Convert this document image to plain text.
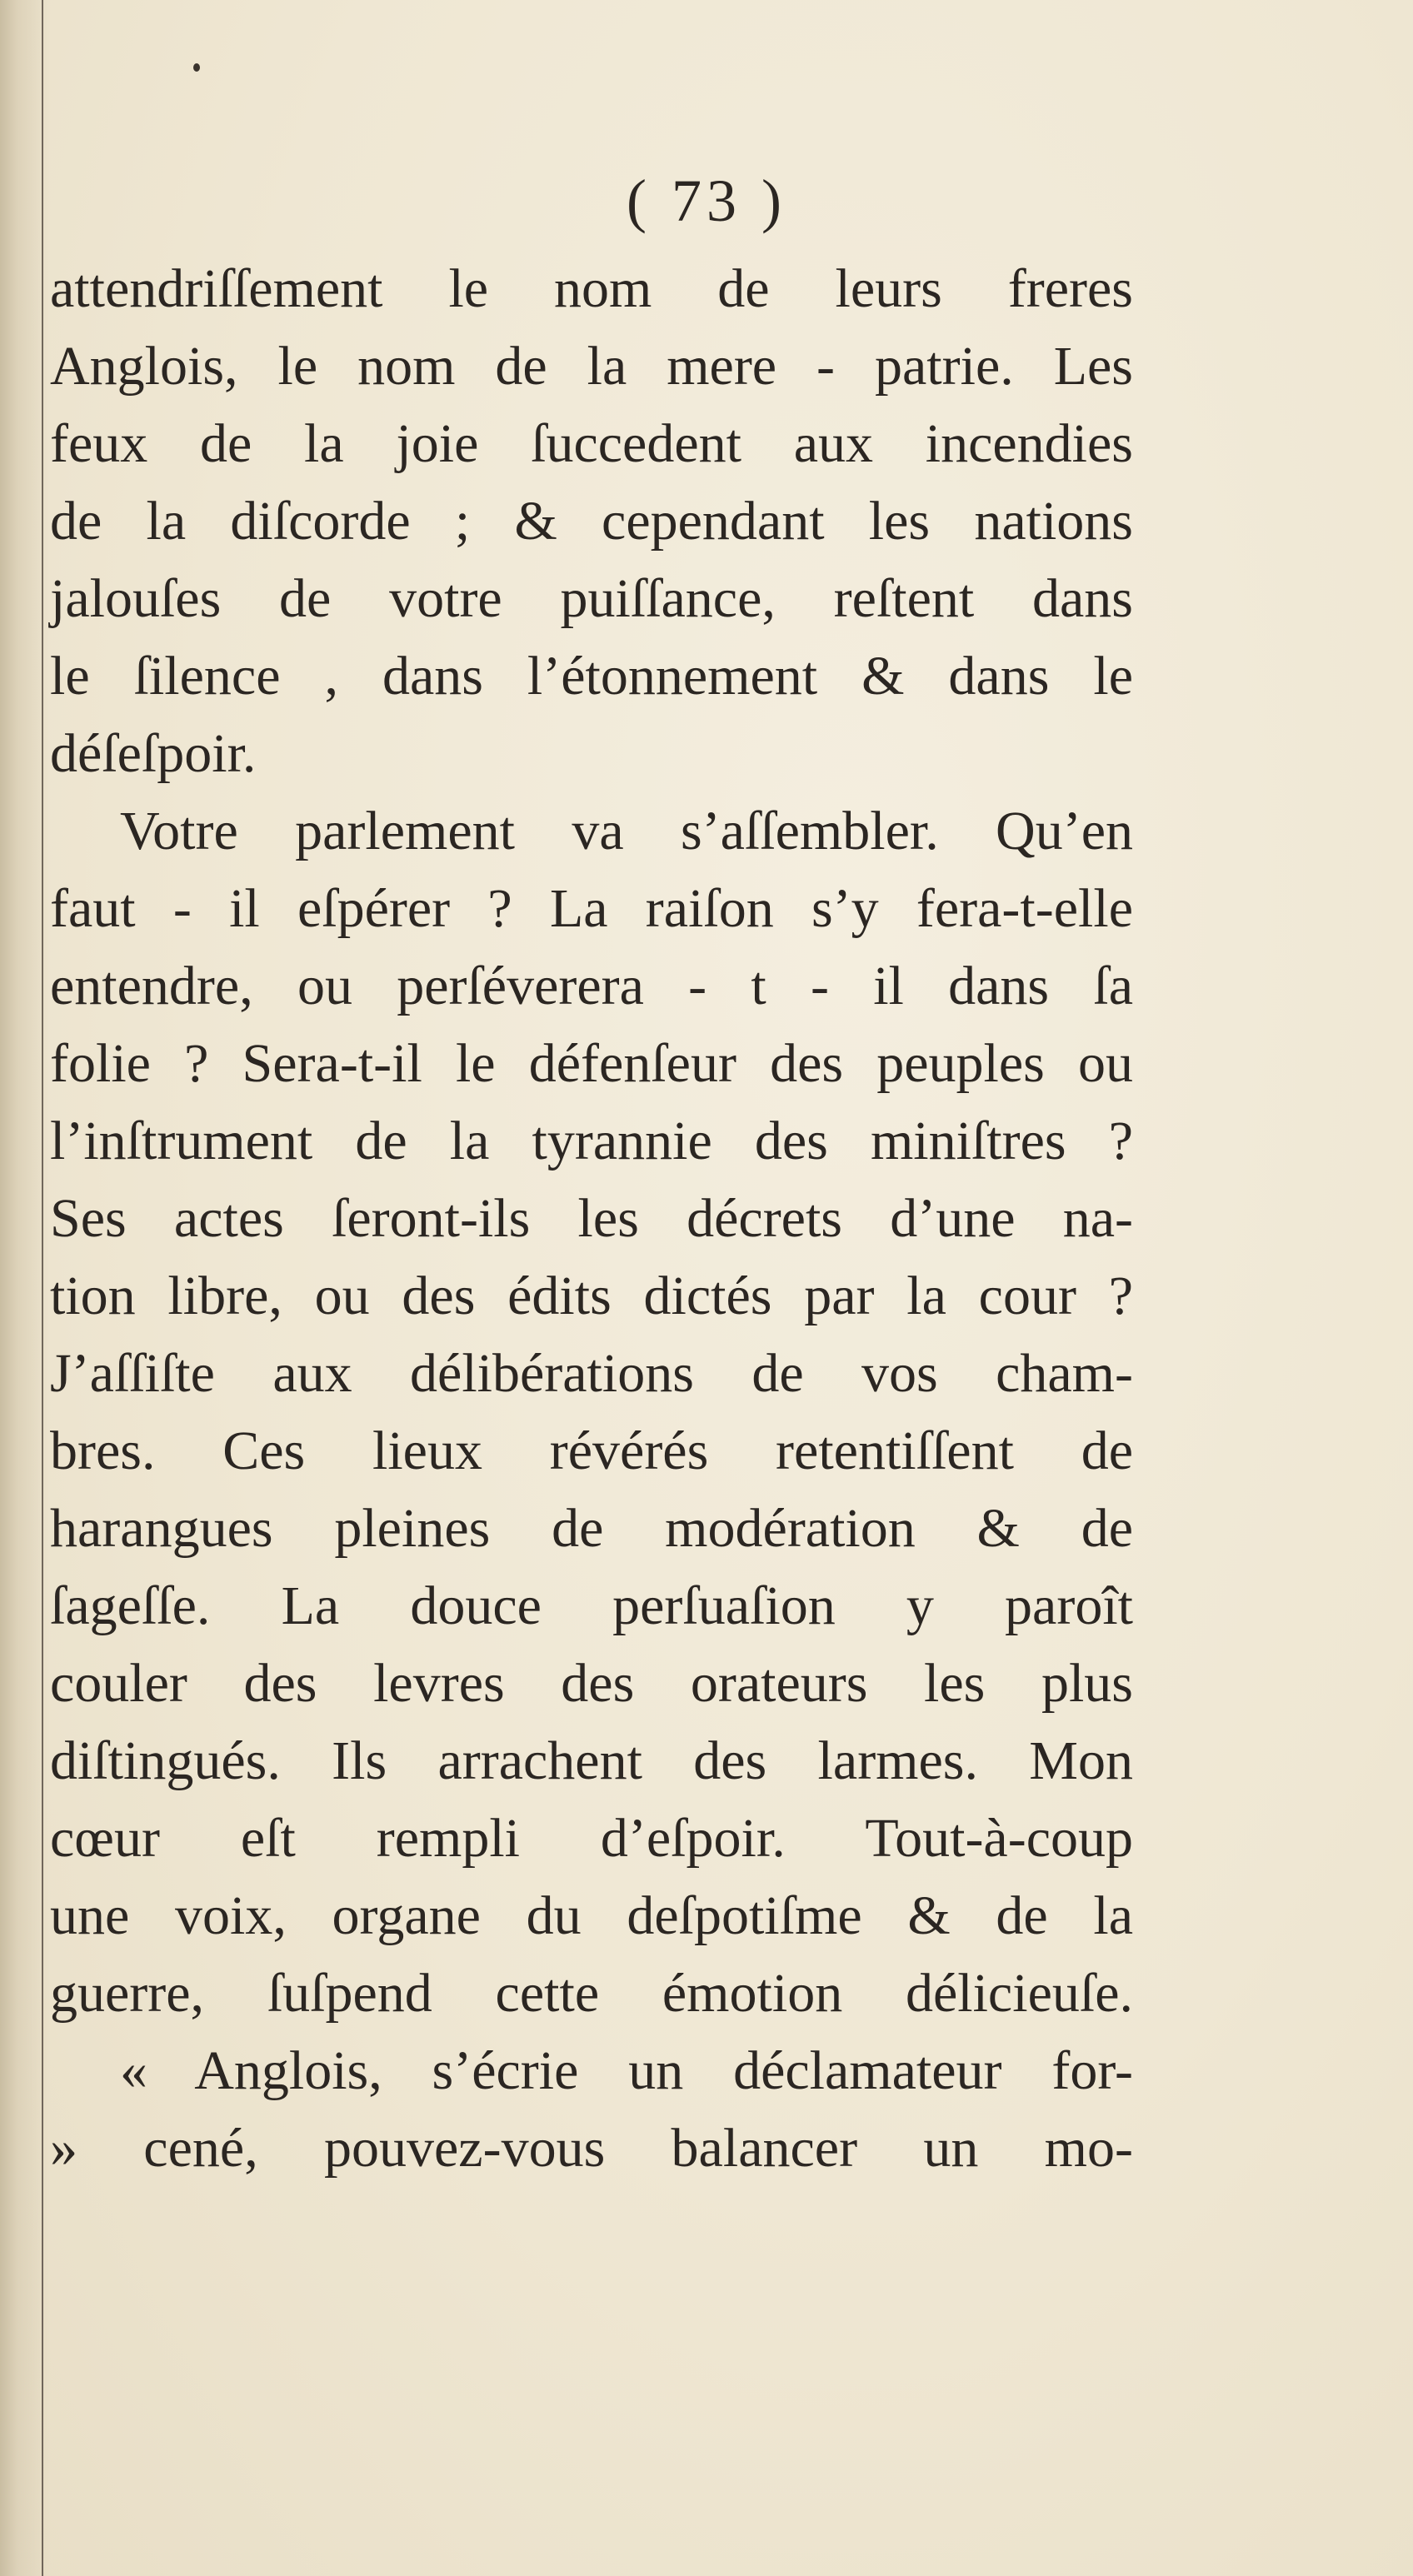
( 73 )
attendriſſement le nom de leurs freres
Anglois, le nom de la mere - patrie. Les
feux de la joie ſuccedent aux incendies
de la diſcorde ; & cependant les nations
jalouſes de votre puiſſance, reſtent dans
le ſilence , dans l’étonnement & dans le
déſeſpoir.
Votre parlement va s’aſſembler. Qu’en
faut - il eſpérer ? La raiſon s’y fera-t-elle
entendre, ou perſéverera - t - il dans ſa
folie ? Sera-t-il le défenſeur des peuples ou
l’inſtrument de la tyrannie des miniſtres ?
Ses actes ſeront-ils les décrets d’une na-
tion libre, ou des édits dictés par la cour ?
J’aſſiſte aux délibérations de vos cham-
bres. Ces lieux révérés retentiſſent de
harangues pleines de modération & de
ſageſſe. La douce perſuaſion y paroît
couler des levres des orateurs les plus
diſtingués. Ils arrachent des larmes. Mon
cœur eſt rempli d’eſpoir. Tout-à-coup
une voix, organe du deſpotiſme & de la
guerre, ſuſpend cette émotion délicieuſe.
« Anglois, s’écrie un déclamateur for-
» cené, pouvez-vous balancer un mo-
